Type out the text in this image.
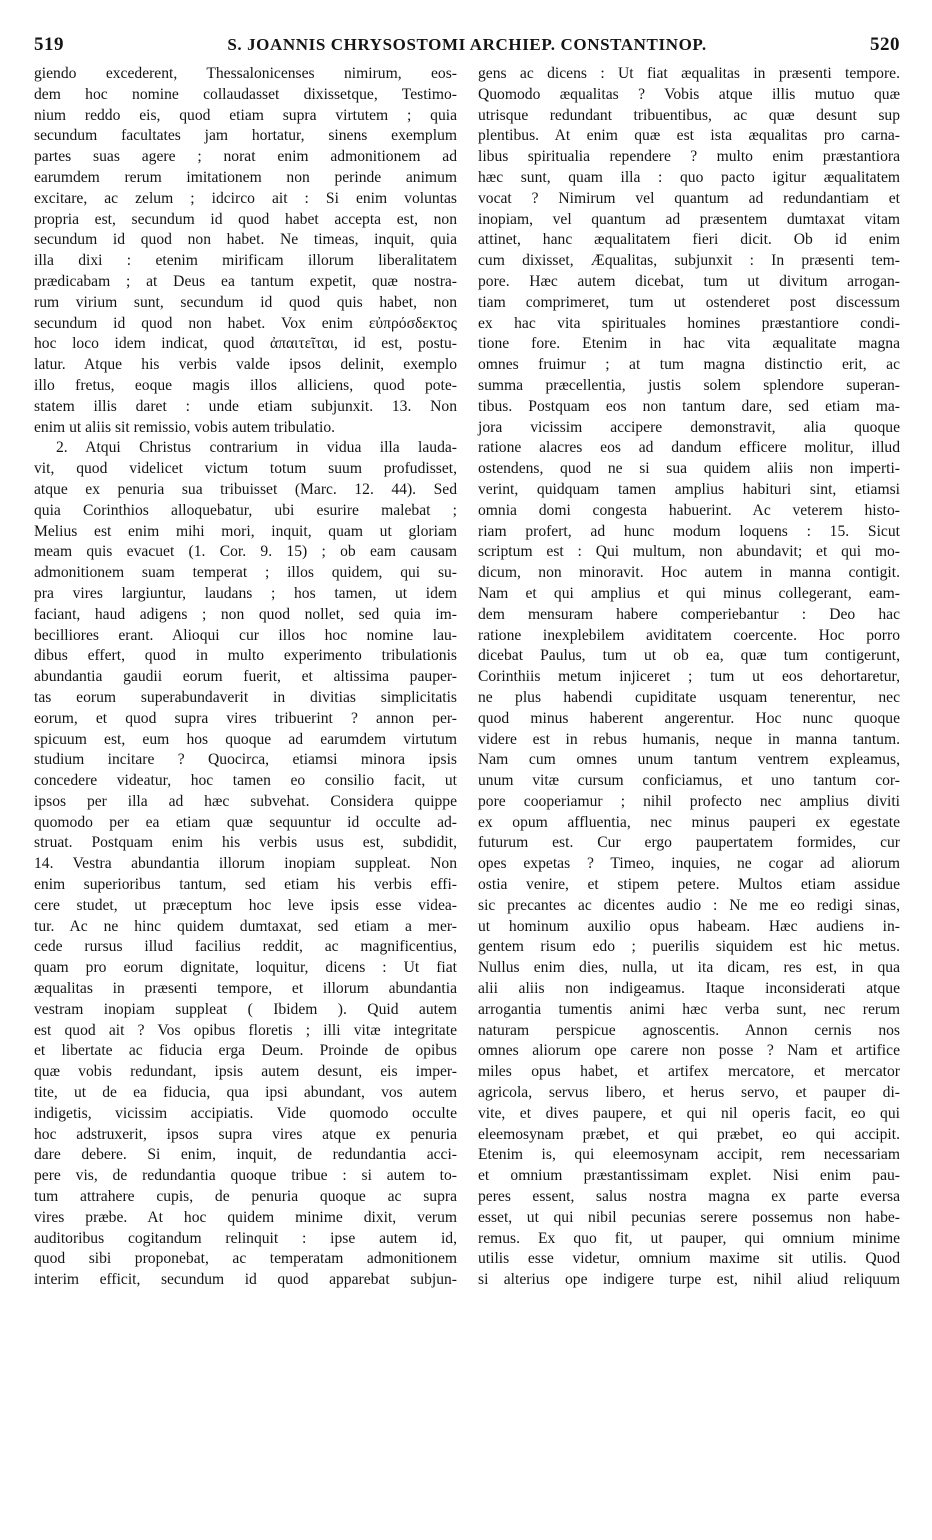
519	S. JOANNIS CHRYSOSTOMI ARCHIEP. CONSTANTINOP.	520
giendo excederent, Thessalonicenses nimirum, eos-
dem hoc nomine collaudasset dixissetque, Testimo-
nium reddo eis, quod etiam supra virtutem ; quia
secundum facultates jam hortatur, sinens exemplum
partes suas agere ; norat enim admonitionem ad
earumdem rerum imitationem non perinde animum
excitare, ac zelum ; idcirco ait : Si enim voluntas
propria est, secundum id quod habet accepta est, non
secundum id quod non habet. Ne timeas, inquit, quia
illa dixi : etenim mirificam illorum liberalitatem
prædicabam ; at Deus ea tantum expetit, quæ nostra-
rum virium sunt, secundum id quod quis habet, non
secundum id quod non habet. Vox enim εὐπρόσδεκτος
hoc loco idem indicat, quod ἀπαιτεῖται, id est, postu-
latur. Atque his verbis valde ipsos delinit, exemplo
illo fretus, eoque magis illos alliciens, quod pote-
statem illis daret : unde etiam subjunxit. 13. Non
enim ut aliis sit remissio, vobis autem tribulatio.
2. Atqui Christus contrarium in vidua illa lauda-
vit, quod videlicet victum totum suum profudisset,
atque ex penuria sua tribuisset (Marc. 12. 44). Sed
quia Corinthios alloquebatur, ubi esurire malebat ;
Melius est enim mihi mori, inquit, quam ut gloriam
meam quis evacuet (1. Cor. 9. 15) ; ob eam causam
admonitionem suam temperat ; illos quidem, qui su-
pra vires largiuntur, laudans ; hos tamen, ut idem
faciant, haud adigens ; non quod nollet, sed quia im-
becilliores erant. Alioqui cur illos hoc nomine lau-
dibus effert, quod in multo experimento tribulationis
abundantia gaudii eorum fuerit, et altissima pauper-
tas eorum superabundaverit in divitias simplicitatis
eorum, et quod supra vires tribuerint ? annon per-
spicuum est, eum hos quoque ad earumdem virtutum
studium incitare ? Quocirca, etiamsi minora ipsis
concedere videatur, hoc tamen eo consilio facit, ut
ipsos per illa ad hæc subvehat. Considera quippe
quomodo per ea etiam quæ sequuntur id occulte ad-
struat. Postquam enim his verbis usus est, subdidit,
14. Vestra abundantia illorum inopiam suppleat. Non
enim superioribus tantum, sed etiam his verbis effi-
cere studet, ut præceptum hoc leve ipsis esse videa-
tur. Ac ne hinc quidem dumtaxat, sed etiam a mer-
cede rursus illud facilius reddit, ac magnificentius,
quam pro eorum dignitate, loquitur, dicens : Ut fiat
æqualitas in præsenti tempore, et illorum abundantia
vestram inopiam suppleat ( Ibidem ). Quid autem
est quod ait ? Vos opibus floretis ; illi vitæ integritate
et libertate ac fiducia erga Deum. Proinde de opibus
quæ vobis redundant, ipsis autem desunt, eis imper-
tite, ut de ea fiducia, qua ipsi abundant, vos autem
indigetis, vicissim accipiatis. Vide quomodo occulte
hoc adstruxerit, ipsos supra vires atque ex penuria
dare debere. Si enim, inquit, de redundantia acci-
pere vis, de redundantia quoque tribue : si autem to-
tum attrahere cupis, de penuria quoque ac supra
vires præbe. At hoc quidem minime dixit, verum
auditoribus cogitandum relinquit : ipse autem id,
quod sibi proponebat, ac temperatam admonitionem
interim efficit, secundum id quod apparebat subjun-
gens ac dicens : Ut fiat æqualitas in præsenti tempore.
Quomodo æqualitas ? Vobis atque illis mutuo quæ
utrisque redundant tribuentibus, ac quæ desunt sup
plentibus. At enim quæ est ista æqualitas pro carna-
libus spiritualia rependere ? multo enim præstantiora
hæc sunt, quam illa : quo pacto igitur æqualitatem
vocat ? Nimirum vel quantum ad redundantiam et
inopiam, vel quantum ad præsentem dumtaxat vitam
attinet, hanc æqualitatem fieri dicit. Ob id enim
cum dixisset, Æqualitas, subjunxit : In præsenti tem-
pore. Hæc autem dicebat, tum ut divitum arrogan-
tiam comprimeret, tum ut ostenderet post discessum
ex hac vita spirituales homines præstantiore condi-
tione fore. Etenim in hac vita æqualitate magna
omnes fruimur ; at tum magna distinctio erit, ac
summa præcellentia, justis solem splendore superan-
tibus. Postquam eos non tantum dare, sed etiam ma-
jora vicissim accipere demonstravit, alia quoque
ratione alacres eos ad dandum efficere molitur, illud
ostendens, quod ne si sua quidem aliis non imperti-
verint, quidquam tamen amplius habituri sint, etiamsi
omnia domi congesta habuerint. Ac veterem histo-
riam profert, ad hunc modum loquens : 15. Sicut
scriptum est : Qui multum, non abundavit; et qui mo-
dicum, non minoravit. Hoc autem in manna contigit.
Nam et qui amplius et qui minus collegerant, eam-
dem mensuram habere comperiebantur : Deo hac
ratione inexplebilem aviditatem coercente. Hoc porro
dicebat Paulus, tum ut ob ea, quæ tum contigerunt,
Corinthiis metum injiceret ; tum ut eos dehortaretur,
ne plus habendi cupiditate usquam tenerentur, nec
quod minus haberent angerentur. Hoc nunc quoque
videre est in rebus humanis, neque in manna tantum.
Nam cum omnes unum tantum ventrem expleamus,
unum vitæ cursum conficiamus, et uno tantum cor-
pore cooperiamur ; nihil profecto nec amplius diviti
ex opum affluentia, nec minus pauperi ex egestate
futurum est. Cur ergo paupertatem formides, cur
opes expetas ? Timeo, inquies, ne cogar ad aliorum
ostia venire, et stipem petere. Multos etiam assidue
sic precantes ac dicentes audio : Ne me eo redigi sinas,
ut hominum auxilio opus habeam. Hæc audiens in-
gentem risum edo ; puerilis siquidem est hic metus.
Nullus enim dies, nulla, ut ita dicam, res est, in qua
alii aliis non indigeamus. Itaque inconsiderati atque
arrogantia tumentis animi hæc verba sunt, nec rerum
naturam perspicue agnoscentis. Annon cernis nos
omnes aliorum ope carere non posse ? Nam et artifice
miles opus habet, et artifex mercatore, et mercator
agricola, servus libero, et herus servo, et pauper di-
vite, et dives paupere, et qui nil operis facit, eo qui
eleemosynam præbet, et qui præbet, eo qui accipit.
Etenim is, qui eleemosynam accipit, rem necessariam
et omnium præstantissimam explet. Nisi enim pau-
peres essent, salus nostra magna ex parte eversa
esset, ut qui nibil pecunias serere possemus non habe-
remus. Ex quo fit, ut pauper, qui omnium minime
utilis esse videtur, omnium maxime sit utilis. Quod
si alterius ope indigere turpe est, nihil aliud reliquum
